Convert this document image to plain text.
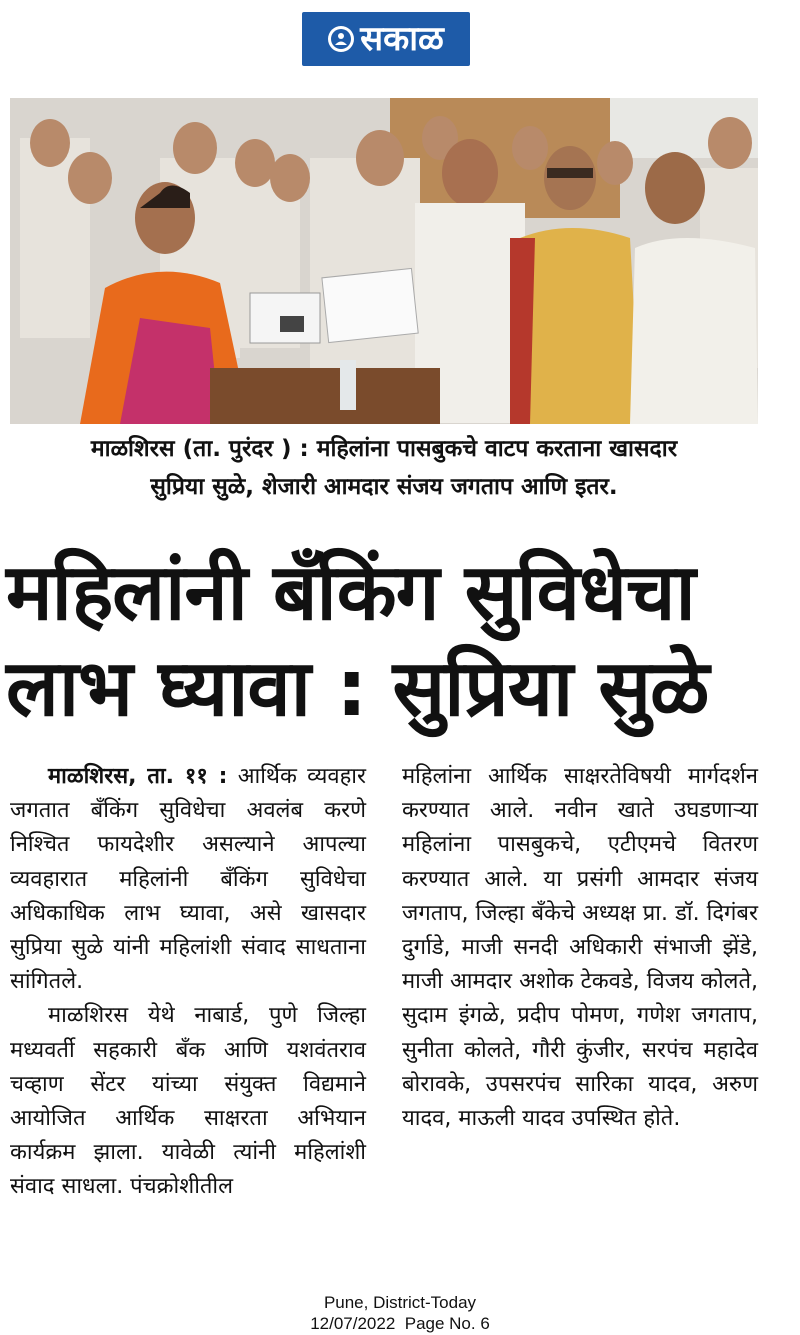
सकाळ
माळशिरस (ता. पुरंदर ) : महिलांना पासबुकचे वाटप करताना खासदार
सुप्रिया सुळे, शेजारी आमदार संजय जगताप आणि इतर.
महिलांनी बँकिंग सुविधेचा
लाभ घ्यावा : सुप्रिया सुळे

माळशिरस, ता. ११ : आर्थिक व्यवहार जगतात बँकिंग सुविधेचा अवलंब करणे निश्‍चित फायदेशीर असल्याने आपल्या व्यवहारात महिलांनी बँकिंग सुविधेचा अधिकाधिक लाभ घ्यावा, असे खासदार सुप्रिया सुळे यांनी महिलांशी संवाद साधताना सांगितले.

माळशिरस येथे नाबार्ड, पुणे जिल्हा मध्यवर्ती सहकारी बँक आणि यशवंतराव चव्हाण सेंटर यांच्या संयुक्त विद्यमाने आयोजित आर्थिक साक्षरता अभियान कार्यक्रम झाला. यावेळी त्यांनी महिलांशी संवाद साधला. पंचक्रोशीतील

महिलांना आर्थिक साक्षरतेविषयी मार्गदर्शन करण्यात आले. नवीन खाते उघडणाऱ्या महिलांना पासबुकचे, एटीएमचे वितरण करण्यात आले. या प्रसंगी आमदार संजय जगताप, जिल्हा बँकेचे अध्यक्ष प्रा. डॉ. दिगंबर दुर्गाडे, माजी सनदी अधिकारी संभाजी झेंडे, माजी आमदार अशोक टेकवडे, विजय कोलते, सुदाम इंगळे, प्रदीप पोमण, गणेश जगताप, सुनीता कोलते, गौरी कुंजीर, सरपंच महादेव बोरावके, उपसरपंच सारिका यादव, अरुण यादव, माऊली यादव उपस्थित होते.

Pune, District-Today
12/07/2022  Page No. 6
